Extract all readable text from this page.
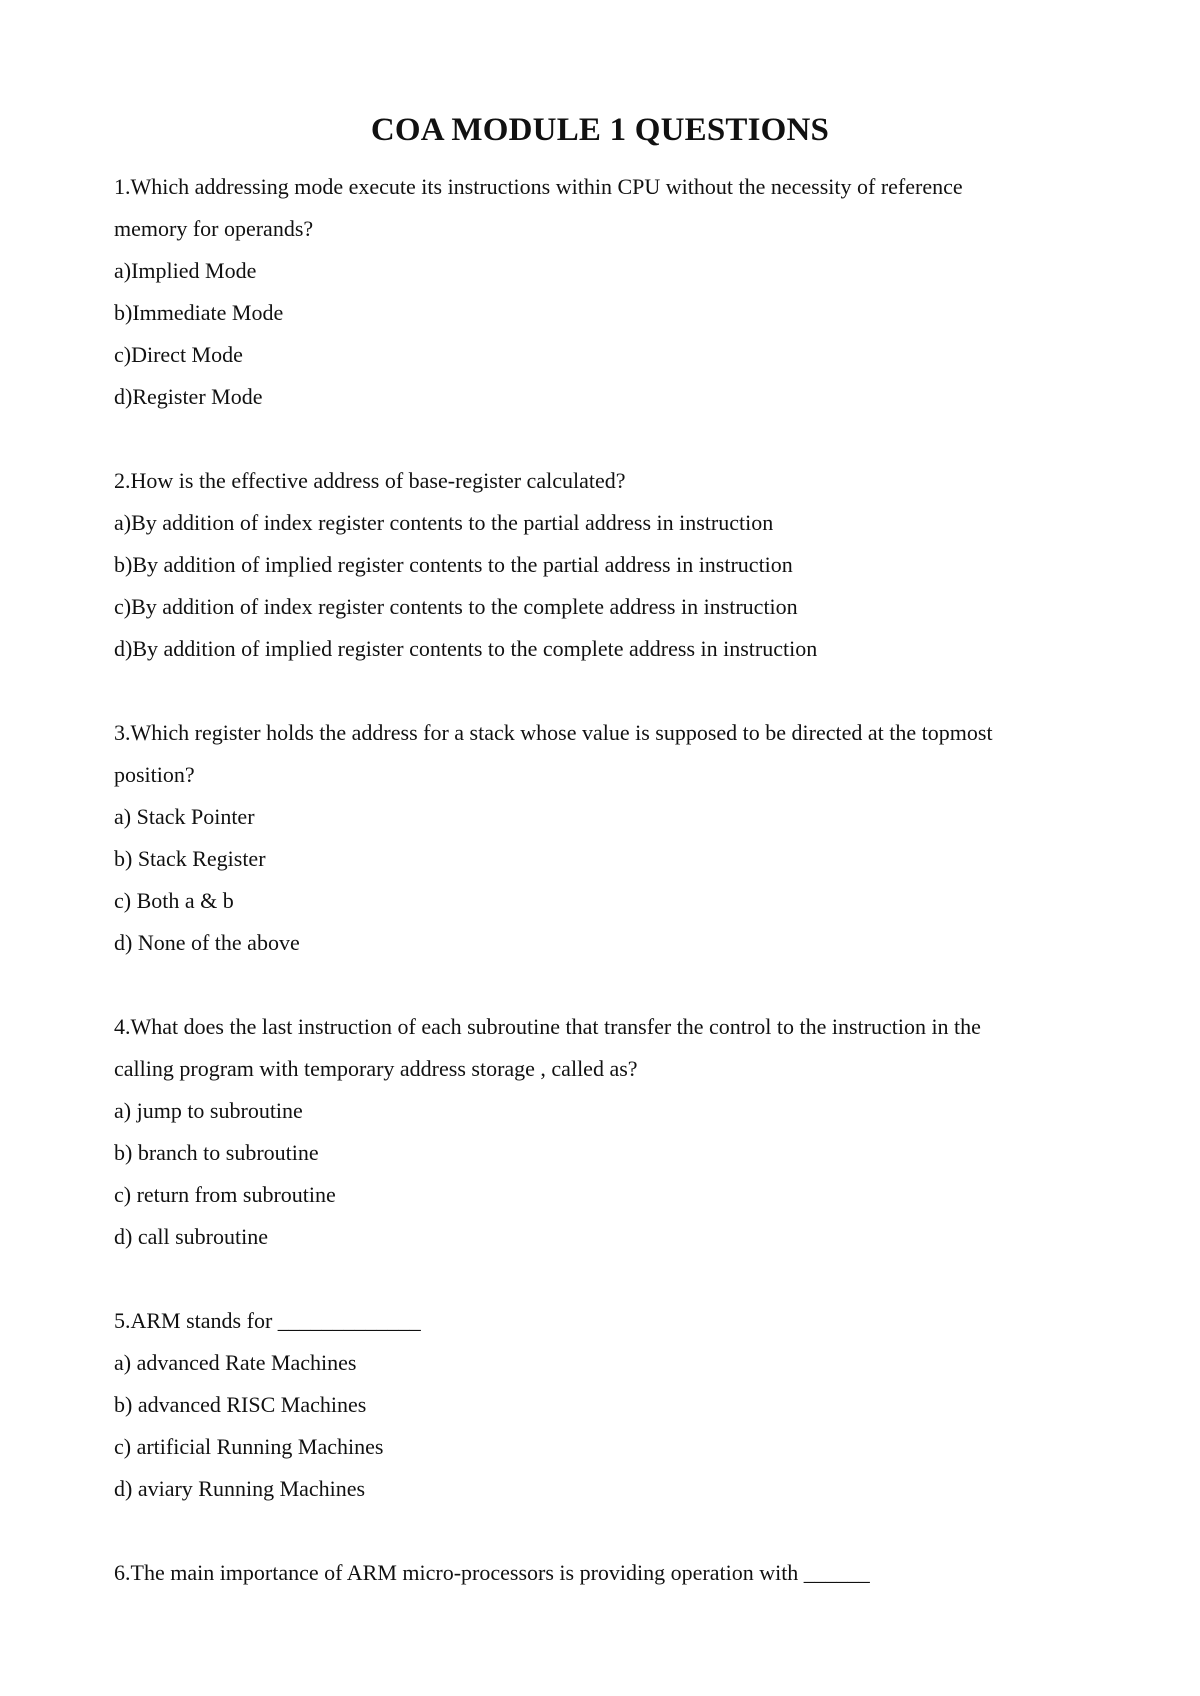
COA MODULE 1 QUESTIONS
1.Which addressing mode execute its instructions within CPU without the necessity of reference
memory for operands?
a)Implied Mode
b)Immediate Mode
c)Direct Mode
d)Register Mode
2.How is the effective address of base-register calculated?
a)By addition of index register contents to the partial address in instruction
b)By addition of implied register contents to the partial address in instruction
c)By addition of index register contents to the complete address in instruction
d)By addition of implied register contents to the complete address in instruction
3.Which register holds the address for a stack whose value is supposed to be directed at the topmost
position?
a) Stack Pointer
b) Stack Register
c) Both a & b
d) None of the above
4.What does the last instruction of each subroutine that transfer the control to the instruction in the
calling program with temporary address storage , called as?
a) jump to subroutine
b) branch to subroutine
c) return from subroutine
d) call subroutine
5.ARM stands for _____________
a) advanced Rate Machines
b) advanced RISC Machines
c) artificial Running Machines
d) aviary Running Machines
6.The main importance of ARM micro-processors is providing operation with ______
